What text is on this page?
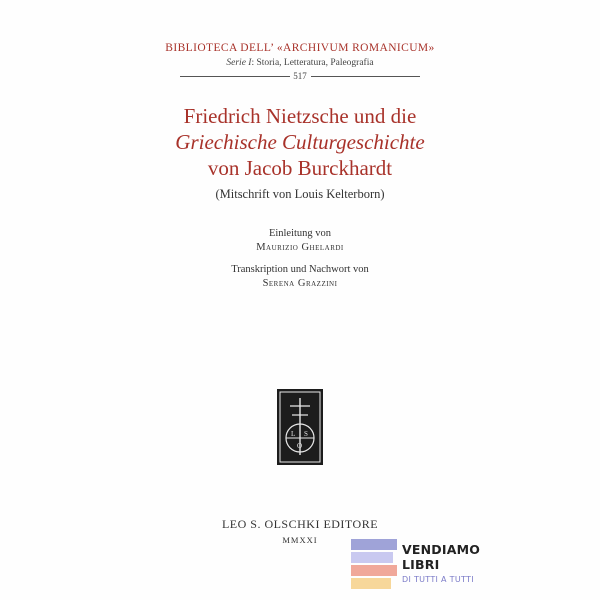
BIBLIOTECA DELL’ «ARCHIVUM ROMANICUM»
Serie I: Storia, Letteratura, Paleografia
517
Friedrich Nietzsche und die
Griechische Culturgeschichte
von Jacob Burckhardt
(Mitschrift von Louis Kelterborn)
Einleitung von
Maurizio Ghelardi
Transkription und Nachwort von
Serena Grazzini
L S
O
LEO S. OLSCHKI EDITORE
MMXXI
VENDIAMO
LIBRI
DI TUTTI A TUTTI
